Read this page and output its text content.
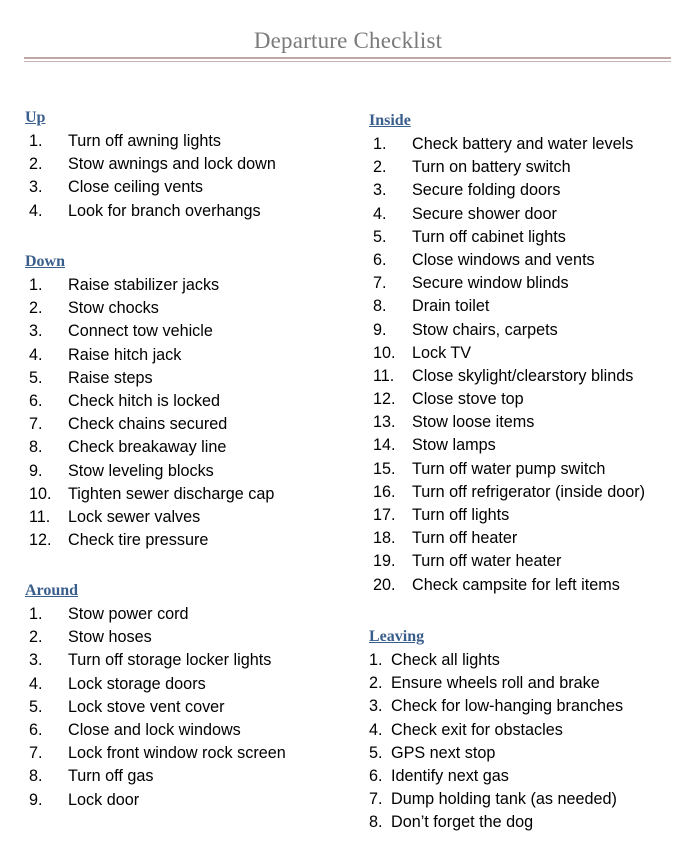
Departure Checklist
Up
1. Turn off awning lights
2. Stow awnings and lock down
3. Close ceiling vents
4. Look for branch overhangs
Down
1. Raise stabilizer jacks
2. Stow chocks
3. Connect tow vehicle
4. Raise hitch jack
5. Raise steps
6. Check hitch is locked
7. Check chains secured
8. Check breakaway line
9. Stow leveling blocks
10. Tighten sewer discharge cap
11. Lock sewer valves
12. Check tire pressure
Around
1. Stow power cord
2. Stow hoses
3. Turn off storage locker lights
4. Lock storage doors
5. Lock stove vent cover
6. Close and lock windows
7. Lock front window rock screen
8. Turn off gas
9. Lock door
Inside
1. Check battery and water levels
2. Turn on battery switch
3. Secure folding doors
4. Secure shower door
5. Turn off cabinet lights
6. Close windows and vents
7. Secure window blinds
8. Drain toilet
9. Stow chairs, carpets
10. Lock TV
11. Close skylight/clearstory blinds
12. Close stove top
13. Stow loose items
14. Stow lamps
15. Turn off water pump switch
16. Turn off refrigerator (inside door)
17. Turn off lights
18. Turn off heater
19. Turn off water heater
20. Check campsite for left items
Leaving
1. Check all lights
2. Ensure wheels roll and brake
3. Check for low-hanging branches
4. Check exit for obstacles
5. GPS next stop
6. Identify next gas
7. Dump holding tank (as needed)
8. Don’t forget the dog
